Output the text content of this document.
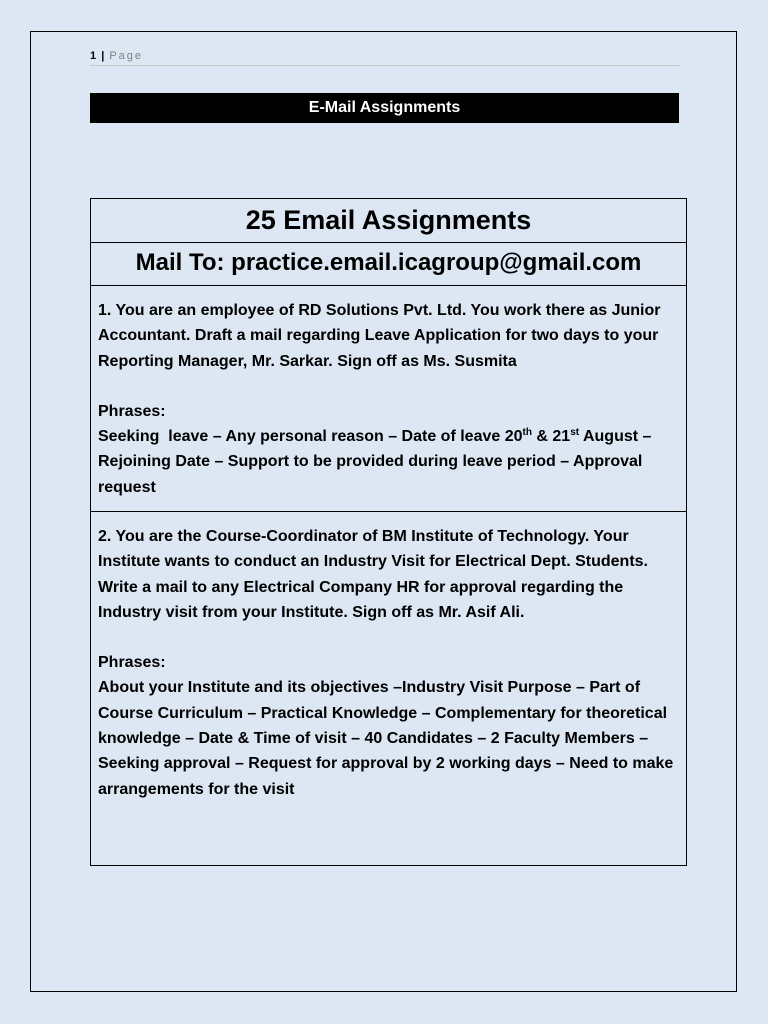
1 | Page
E-Mail Assignments
25 Email Assignments
Mail To: practice.email.icagroup@gmail.com

1. You are an employee of RD Solutions Pvt. Ltd. You work there as Junior Accountant. Draft a mail regarding Leave Application for two days to your Reporting Manager, Mr. Sarkar. Sign off as Ms. Susmita

Phrases:

Seeking  leave – Any personal reason – Date of leave 20th & 21st August – Rejoining Date – Support to be provided during leave period – Approval request

2. You are the Course-Coordinator of BM Institute of Technology. Your Institute wants to conduct an Industry Visit for Electrical Dept. Students. Write a mail to any Electrical Company HR for approval regarding the Industry visit from your Institute. Sign off as Mr. Asif Ali.

Phrases:

About your Institute and its objectives –Industry Visit Purpose – Part of Course Curriculum – Practical Knowledge – Complementary for theoretical knowledge – Date & Time of visit – 40 Candidates – 2 Faculty Members – Seeking approval – Request for approval by 2 working days – Need to make arrangements for the visit
